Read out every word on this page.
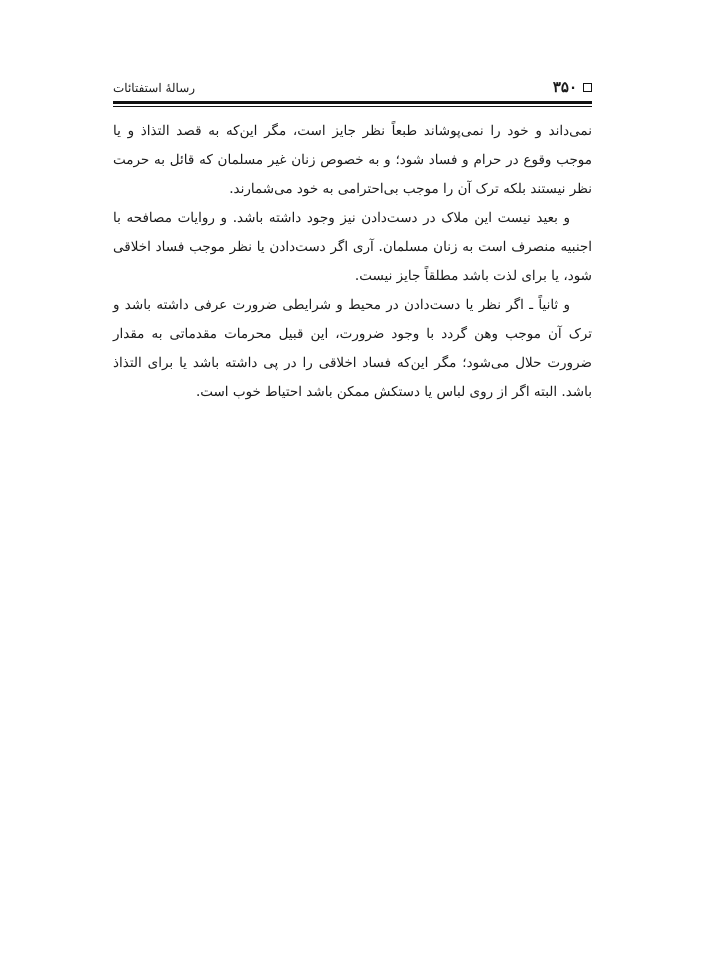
۳۵۰
رسالهٔ استفتائات

نمی‌داند و خود را نمی‌پوشاند طبعاً نظر جایز است، مگر این‌که به قصد التذاذ و یا موجب وقوع در حرام و فساد شود؛ و به خصوص زنان غیر مسلمان که قائل به حرمت نظر نیستند بلکه ترک آن را موجب بی‌احترامی به خود می‌شمارند.

و بعید نیست این ملاک در دست‌دادن نیز وجود داشته باشد. و روایات مصافحه با اجنبیه منصرف است به زنان مسلمان. آری اگر دست‌دادن یا نظر موجب فساد اخلاقی شود، یا برای لذت باشد مطلقاً جایز نیست.

و ثانیاً ـ اگر نظر یا دست‌دادن در محیط و شرایطی ضرورت عرفی داشته باشد و ترک آن موجب وهن گردد با وجود ضرورت، این قبیل محرمات مقدماتی به مقدار ضرورت حلال می‌شود؛ مگر این‌که فساد اخلاقی را در پی داشته باشد یا برای التذاذ باشد. البته اگر از روی لباس یا دستکش ممکن باشد احتیاط خوب است.
